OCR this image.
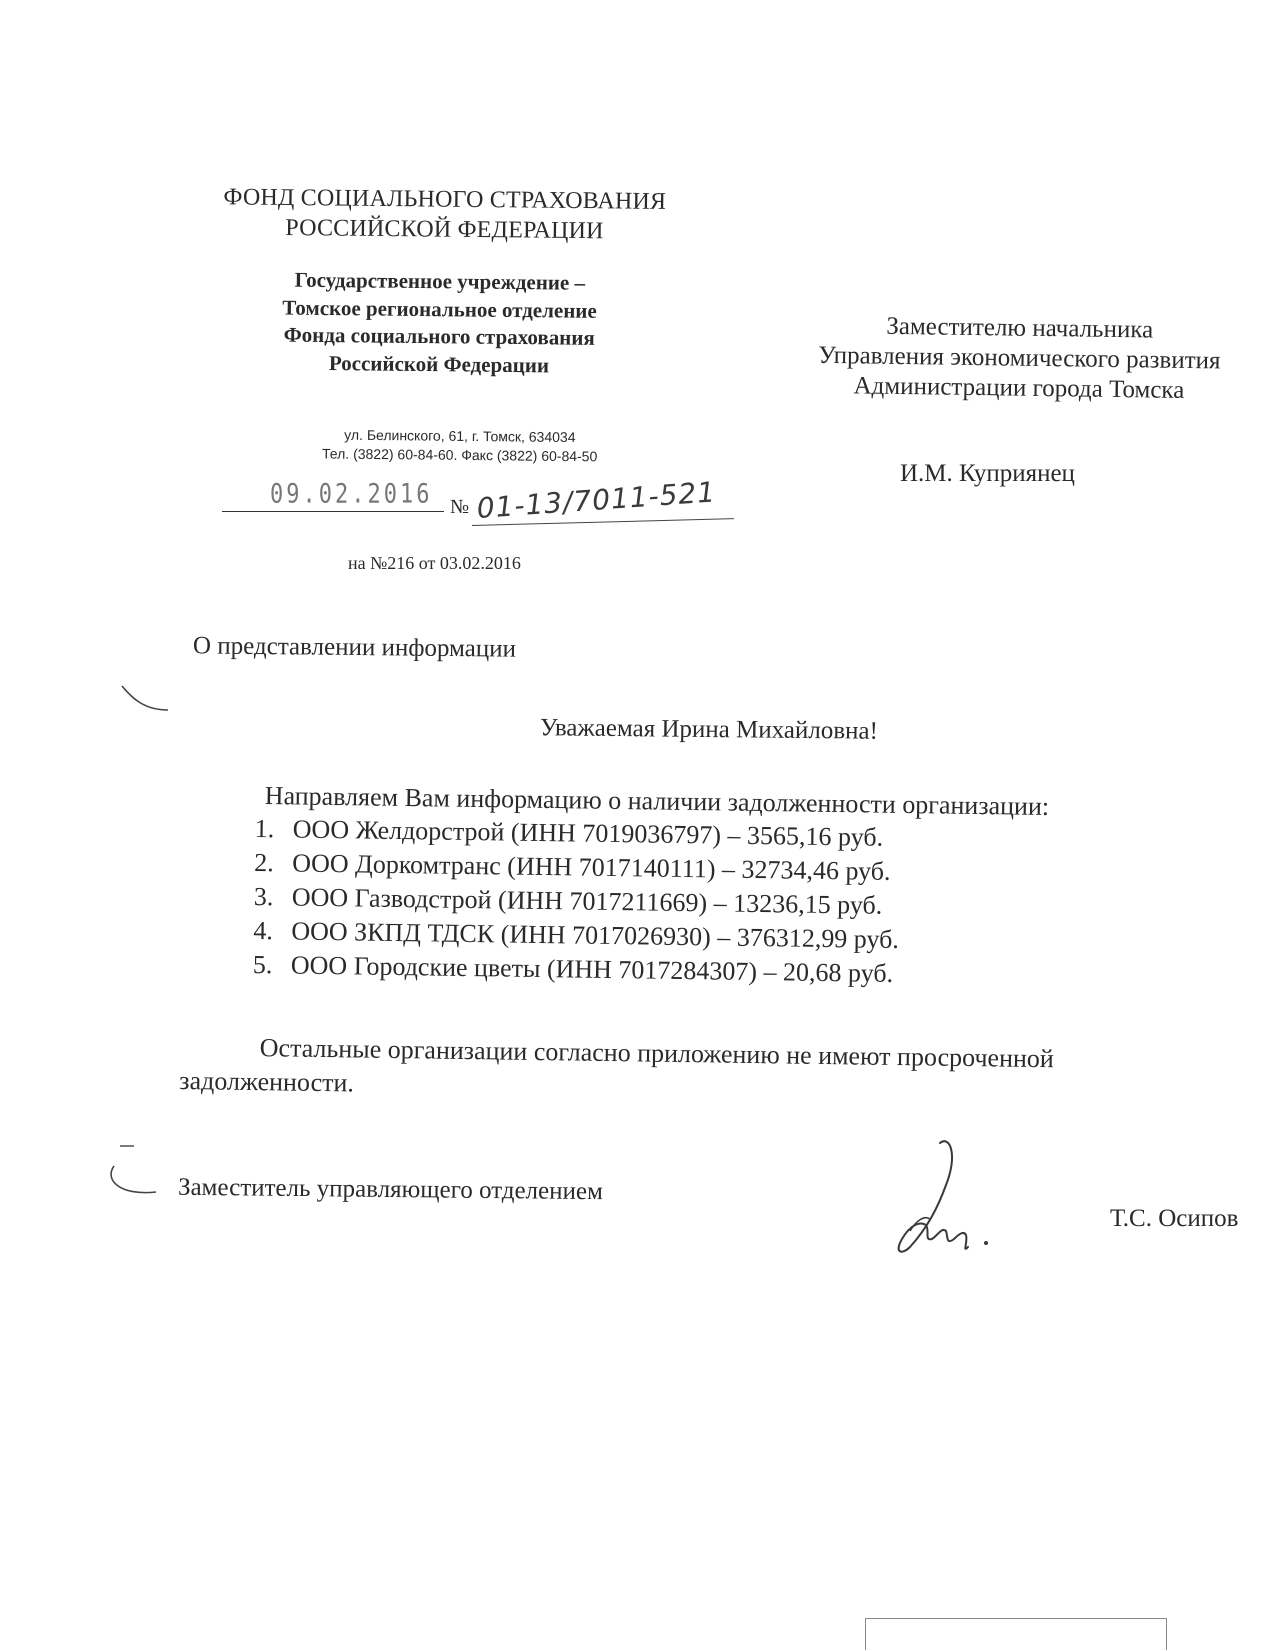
ФОНД СОЦИАЛЬНОГО СТРАХОВАНИЯ
РОССИЙСКОЙ ФЕДЕРАЦИИ
Государственное учреждение –
Томское региональное отделение
Фонда социального страхования
Российской Федерации
ул. Белинского, 61, г. Томск, 634034
Тел. (3822) 60-84-60. Факс (3822) 60-84-50
09.02.2016 № 01-13/7011-521
на №216 от 03.02.2016
Заместителю начальника
Управления экономического развития
Администрации города Томска
И.М. Куприянец
О представлении информации
Уважаемая Ирина Михайловна!
Направляем Вам информацию о наличии задолженности организации:
1. ООО Желдорстрой (ИНН 7019036797) – 3565,16 руб.
2. ООО Доркомтранс (ИНН 7017140111) – 32734,46 руб.
3. ООО Газводстрой (ИНН 7017211669) – 13236,15 руб.
4. ООО ЗКПД ТДСК (ИНН 7017026930) – 376312,99 руб.
5. ООО Городские цветы (ИНН 7017284307) – 20,68 руб.
Остальные организации согласно приложению не имеют просроченной задолженности.
Заместитель управляющего отделением
Т.С. Осипов
